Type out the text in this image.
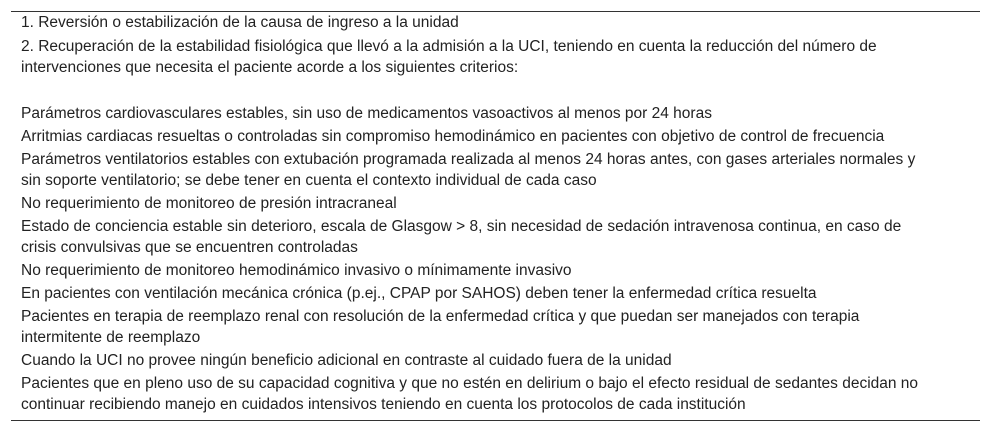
1. Reversión o estabilización de la causa de ingreso a la unidad
2. Recuperación de la estabilidad fisiológica que llevó a la admisión a la UCI, teniendo en cuenta la reducción del número de
intervenciones que necesita el paciente acorde a los siguientes criterios:
Parámetros cardiovasculares estables, sin uso de medicamentos vasoactivos al menos por 24 horas
Arritmias cardiacas resueltas o controladas sin compromiso hemodinámico en pacientes con objetivo de control de frecuencia
Parámetros ventilatorios estables con extubación programada realizada al menos 24 horas antes, con gases arteriales normales y
sin soporte ventilatorio; se debe tener en cuenta el contexto individual de cada caso
No requerimiento de monitoreo de presión intracraneal
Estado de conciencia estable sin deterioro, escala de Glasgow > 8, sin necesidad de sedación intravenosa continua, en caso de
crisis convulsivas que se encuentren controladas
No requerimiento de monitoreo hemodinámico invasivo o mínimamente invasivo
En pacientes con ventilación mecánica crónica (p.ej., CPAP por SAHOS) deben tener la enfermedad crítica resuelta
Pacientes en terapia de reemplazo renal con resolución de la enfermedad crítica y que puedan ser manejados con terapia
intermitente de reemplazo
Cuando la UCI no provee ningún beneficio adicional en contraste al cuidado fuera de la unidad
Pacientes que en pleno uso de su capacidad cognitiva y que no estén en delirium o bajo el efecto residual de sedantes decidan no
continuar recibiendo manejo en cuidados intensivos teniendo en cuenta los protocolos de cada institución
